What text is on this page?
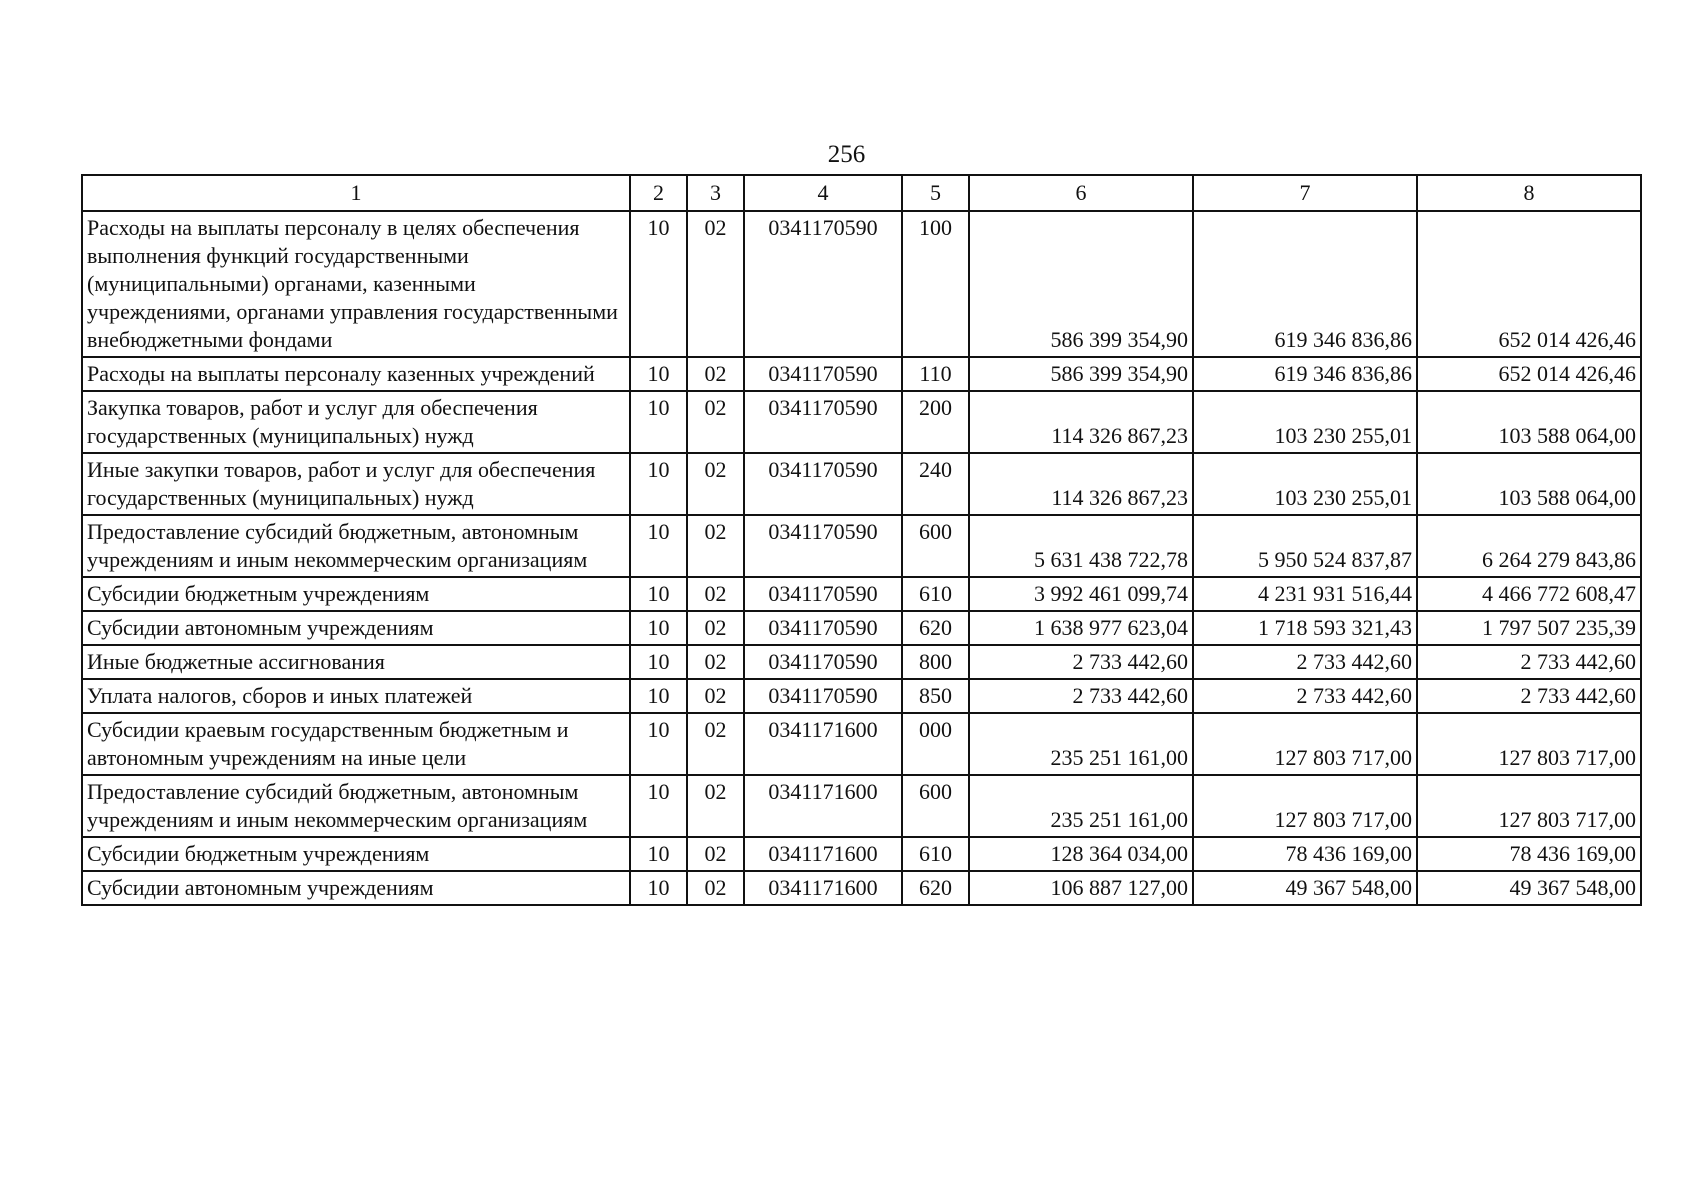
256
1	2	3	4	5	6	7	8
Расходы на выплаты персоналу в целях обеспечения выполнения функций государственными (муниципальными) органами, казенными учреждениями, органами управления государственными внебюджетными фондами	10	02	0341170590	100	586 399 354,90	619 346 836,86	652 014 426,46
Расходы на выплаты персоналу казенных учреждений	10	02	0341170590	110	586 399 354,90	619 346 836,86	652 014 426,46
Закупка товаров, работ и услуг для обеспечения государственных (муниципальных) нужд	10	02	0341170590	200	114 326 867,23	103 230 255,01	103 588 064,00
Иные закупки товаров, работ и услуг для обеспечения государственных (муниципальных) нужд	10	02	0341170590	240	114 326 867,23	103 230 255,01	103 588 064,00
Предоставление субсидий бюджетным, автономным учреждениям и иным некоммерческим организациям	10	02	0341170590	600	5 631 438 722,78	5 950 524 837,87	6 264 279 843,86
Субсидии бюджетным учреждениям	10	02	0341170590	610	3 992 461 099,74	4 231 931 516,44	4 466 772 608,47
Субсидии автономным учреждениям	10	02	0341170590	620	1 638 977 623,04	1 718 593 321,43	1 797 507 235,39
Иные бюджетные ассигнования	10	02	0341170590	800	2 733 442,60	2 733 442,60	2 733 442,60
Уплата налогов, сборов и иных платежей	10	02	0341170590	850	2 733 442,60	2 733 442,60	2 733 442,60
Субсидии краевым государственным бюджетным и автономным учреждениям на иные цели	10	02	0341171600	000	235 251 161,00	127 803 717,00	127 803 717,00
Предоставление субсидий бюджетным, автономным учреждениям и иным некоммерческим организациям	10	02	0341171600	600	235 251 161,00	127 803 717,00	127 803 717,00
Субсидии бюджетным учреждениям	10	02	0341171600	610	128 364 034,00	78 436 169,00	78 436 169,00
Субсидии автономным учреждениям	10	02	0341171600	620	106 887 127,00	49 367 548,00	49 367 548,00
